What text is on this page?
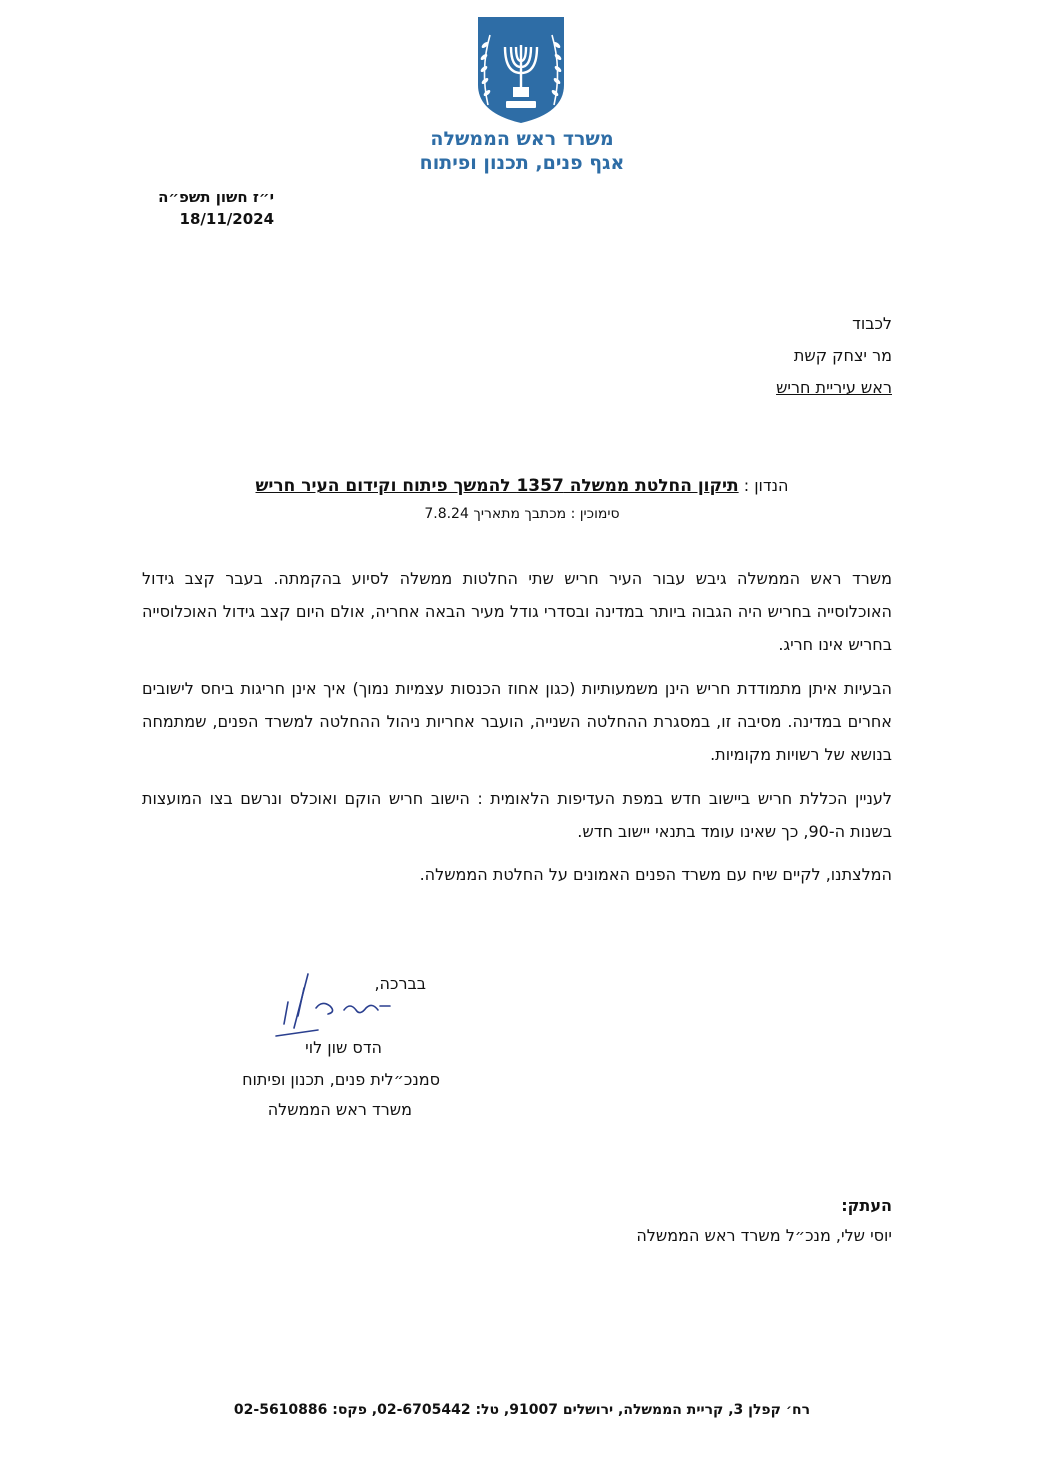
משרד ראש הממשלה
אגף פנים, תכנון ופיתוח
י״ז חשון תשפ״ה
18/11/2024
לכבוד
מר יצחק קשת
ראש עיריית חריש
הנדון : תיקון החלטת ממשלה 1357 להמשך פיתוח וקידום העיר חריש
סימוכין : מכתבך מתאריך 7.8.24

משרד ראש הממשלה גיבש עבור העיר חריש שתי החלטות ממשלה לסיוע בהקמתה. בעבר קצב גידול האוכלוסייה בחריש היה הגבוה ביותר במדינה ובסדרי גודל מעיר הבאה אחריה, אולם היום קצב גידול האוכלוסייה בחריש אינו חריג.

הבעיות איתן מתמודדת חריש הינן משמעותיות (כגון אחוז הכנסות עצמיות נמוך) איך אינן חריגות ביחס לישובים אחרים במדינה. מסיבה זו, במסגרת ההחלטה השנייה, הועבר אחריות ניהול ההחלטה למשרד הפנים, שמתמחה בנושא של רשויות מקומיות.

לעניין הכללת חריש ביישוב חדש במפת העדיפות הלאומית : הישוב חריש הוקם ואוכלס ונרשם בצו המועצות בשנות ה-90, כך שאינו עומד בתנאי יישוב חדש.

המלצתנו, לקיים שיח עם משרד הפנים האמונים על החלטת הממשלה.

בברכה,
הדס שון לוי
סמנכ״לית פנים, תכנון ופיתוח
משרד ראש הממשלה
העתק:
יוסי שלי, מנכ״ל משרד ראש הממשלה
רח׳ קפלן 3, קריית הממשלה, ירושלים 91007, טל: 02-6705442, פקס: 02-5610886
